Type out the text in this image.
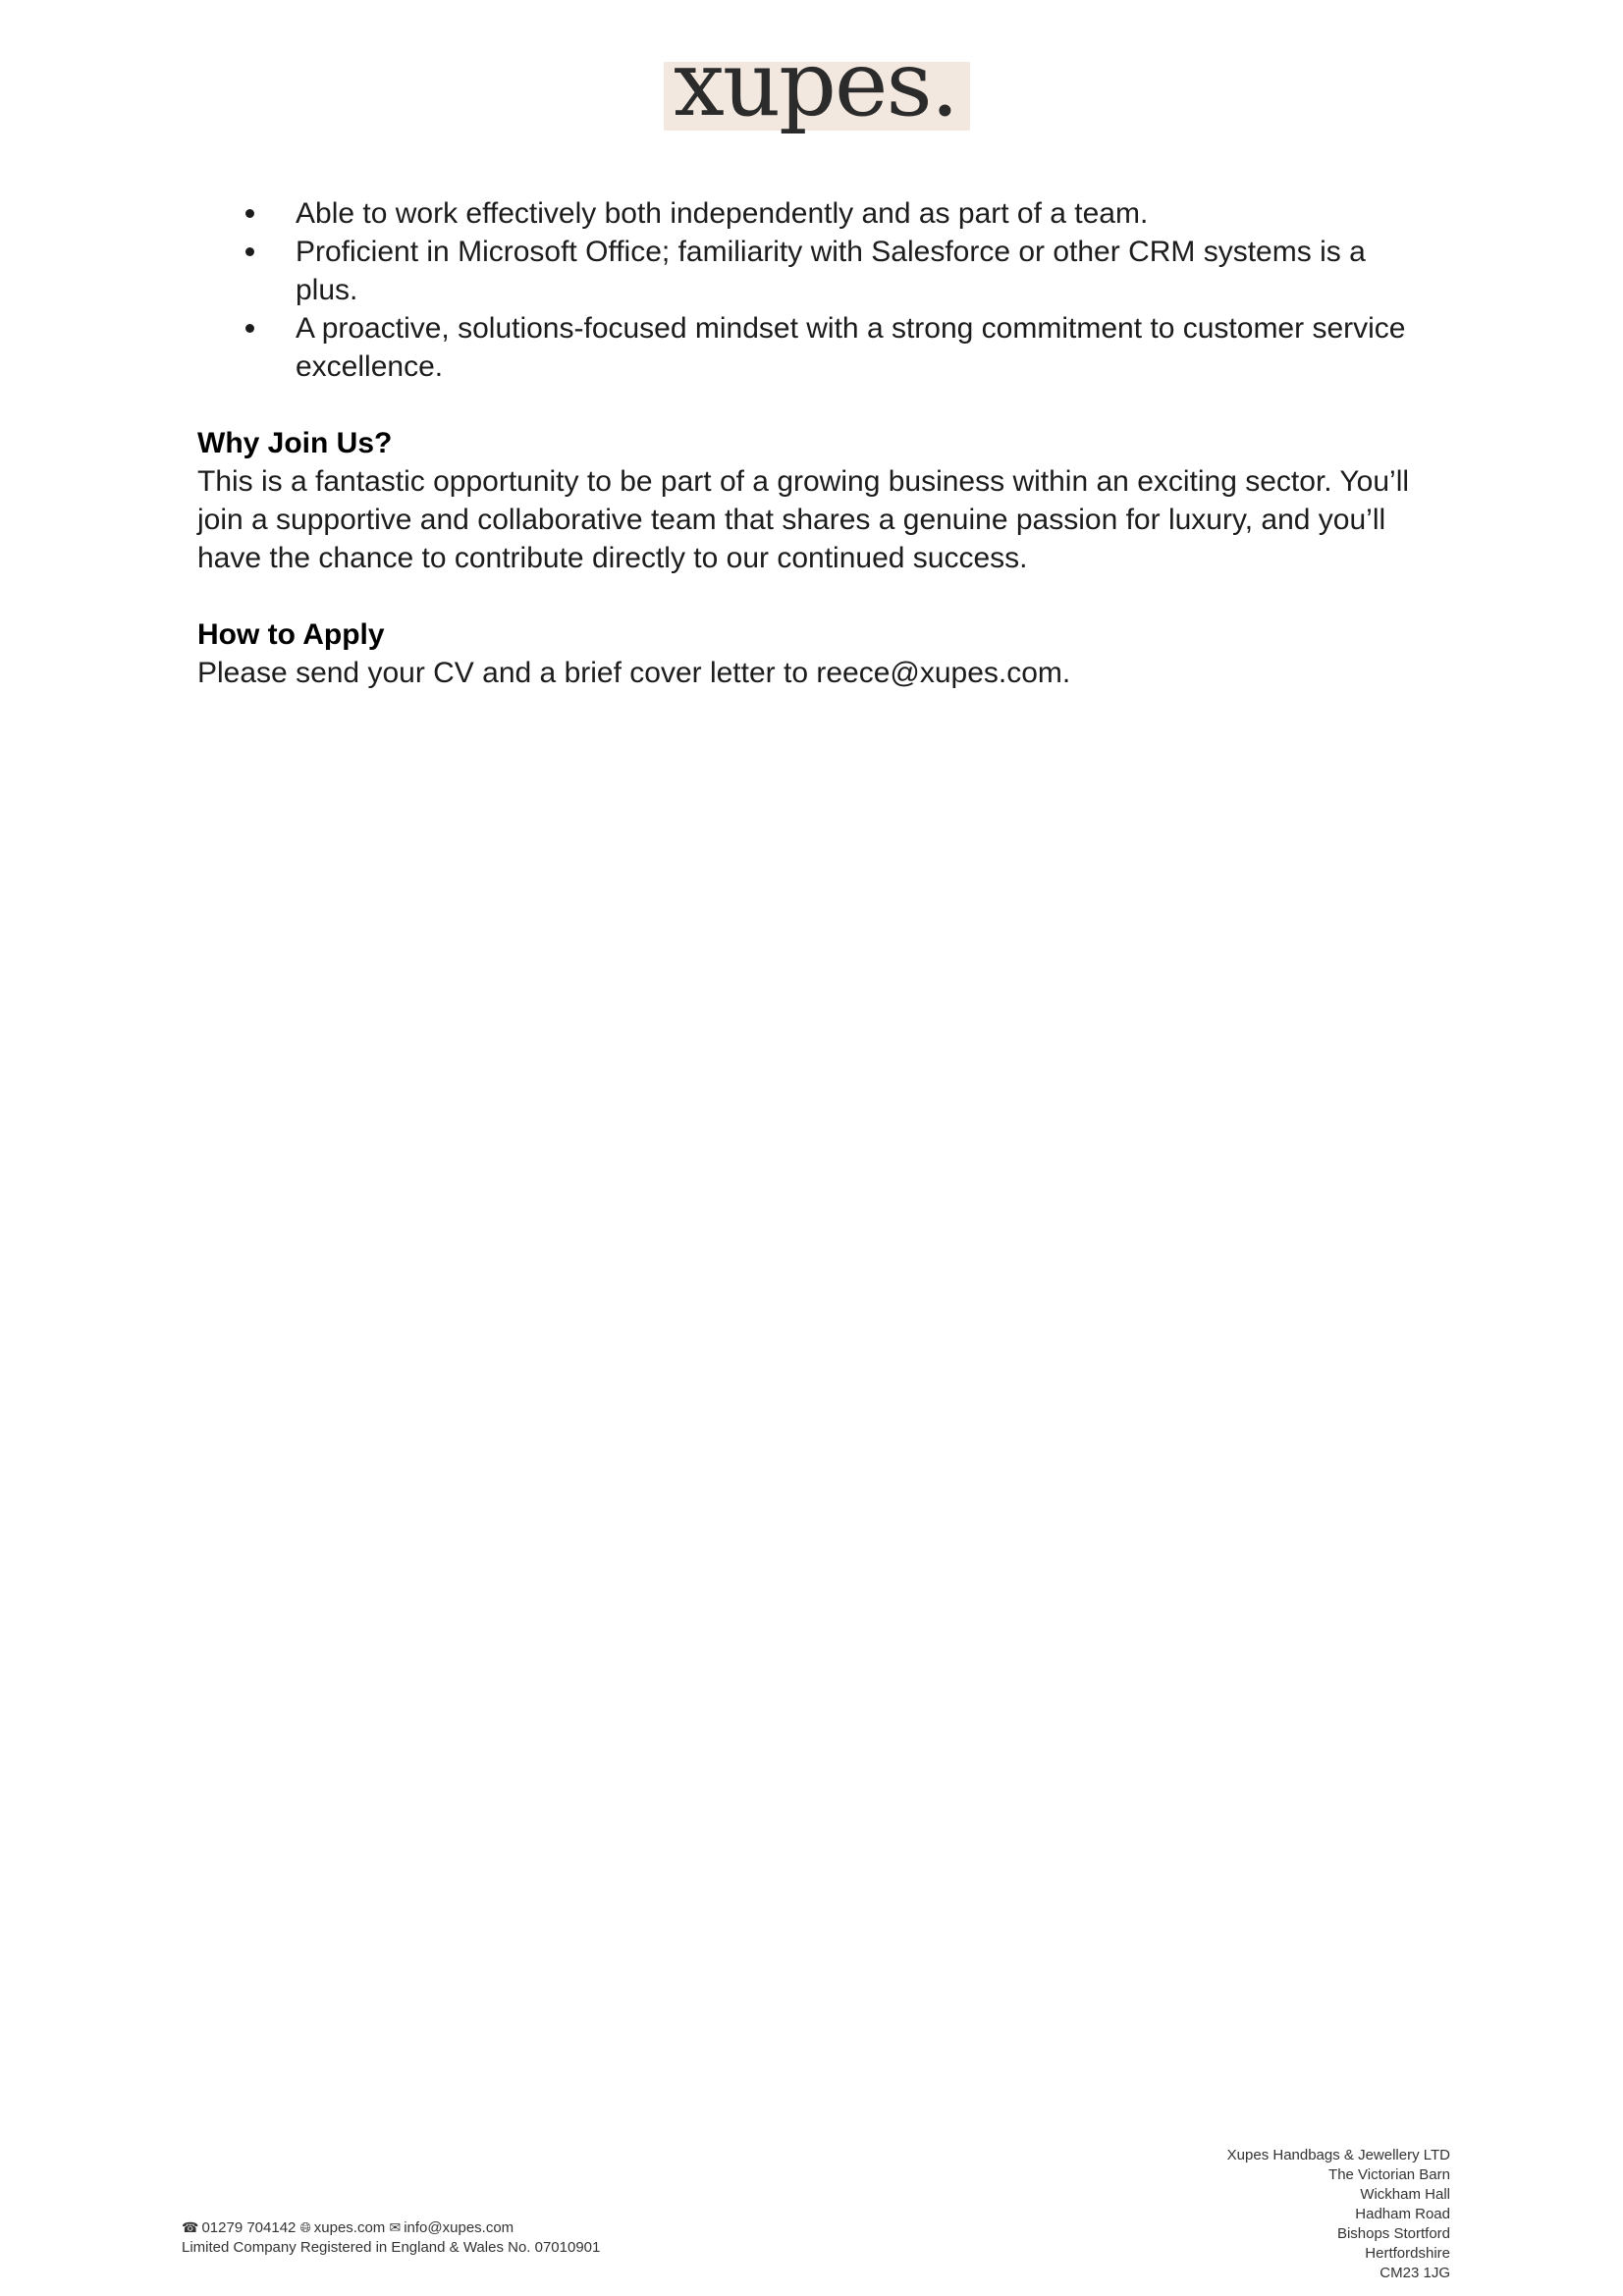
xupes.
Able to work effectively both independently and as part of a team.
Proficient in Microsoft Office; familiarity with Salesforce or other CRM systems is a plus.
A proactive, solutions-focused mindset with a strong commitment to customer service excellence.

Why Join Us?

This is a fantastic opportunity to be part of a growing business within an exciting sector. You’ll join a supportive and collaborative team that shares a genuine passion for luxury, and you’ll have the chance to contribute directly to our continued success.

How to Apply

Please send your CV and a brief cover letter to reece@xupes.com.

☎ 01279 704142 🌐︎ xupes.com ✉ info@xupes.com
Limited Company Registered in England & Wales No. 07010901
Xupes Handbags & Jewellery LTD
The Victorian Barn
Wickham Hall
Hadham Road
Bishops Stortford
Hertfordshire
CM23 1JG
